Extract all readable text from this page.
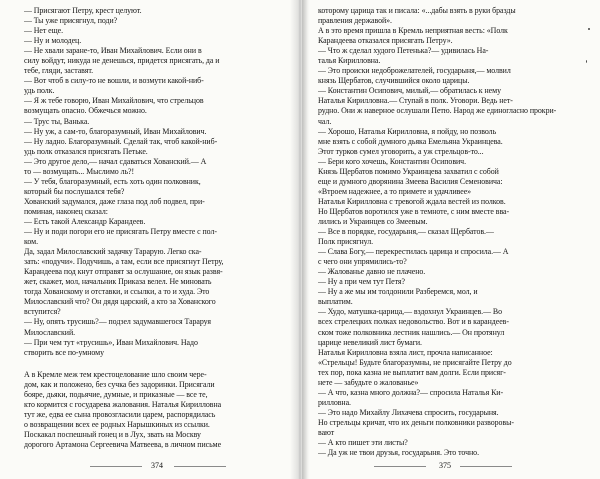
— Присягают Петру, крест целуют.
— Ты уже присягнул, поди?
— Нет еще.
— Ну и молодец.
— Не хвали заране-то, Иван Михайлович. Если они в
силу войдут, никуда не денешься, придется присягать, да и
тебе, гляди, заставят.
— Вот чтоб в силу-то не вошли, и возмути какой-ниб-
удь полк.
— Я ж тебе говорю, Иван Михайлович, что стрельцов
возмущать опасно. Обжечься можно.
— Трус ты, Ванька.
— Ну уж, а сам-то, благоразумный, Иван Михайлович.
— Ну ладно. Благоразумный. Сделай так, чтоб какой-ниб-
удь полк отказался присягать Петьке.
— Это другое дело,— начал сдаваться Хованский.— А
то — возмущать... Мыслимо ль?!
— У тебя, благоразумный, есть хоть один полковник,
который бы послушался тебя?
Хованский задумался, даже глаза под лоб подвел, при-
поминая, наконец сказал:
— Есть такой Александр Карандеев.
— Ну и поди погори его не присягать Петру вместе с пол-
ком.
Да, задал Милославский задачку Тарарую. Легко ска-
зать: «подучи». Подучишь, а там, если все присягнут Петру,
Карандеева под кнут отправят за ослушание, он язык развя-
жет, скажет, мол, начальник Приказа велел. Не миновать
тогда Хованскому и отставки, и ссылки, а то и худа. Это
Милославский что? Он дядя царский, а кто за Хованского
вступится?
— Ну, опять трусишь?— подзел задумавшегося Тараруя
Милославский.
— При чем тут «трусишь», Иван Михайлович. Надо
створить все по-умному
А в Кремле меж тем крестоцелование шло своим чере-
дом, как и положено, без сучка без задоринки. Присягали
бояре, дьяки, подьячие, думные, и приказные — все те,
кто кормится с государева жалования. Наталья Кирилловна
тут же, едва ее сына провозгласили царем, распорядилась
о возвращении всех ее родных Нарышкиных из ссылки.
Поскакал поспешный гонец и в Лух, звать на Москву
дорогого Артамона Сергеевича Матвеева, в личном письме
374
которому царица так и писала: «...дабы взять в руки бразды
правления державой».
А в это время пришла в Кремль неприятная весть: «Полк
Карандеева отказался присягать Петру».
— Что ж сделал худого Петенька?— удивилась На-
талья Кирилловна.
— Это происки недоброжелателей, государыня,— молвил
князь Щербатов, случившийся около царицы.
— Константин Осипович, милый,— обратилась к нему
Наталья Кирилловна.— Ступай в полк. Уговори. Ведь нет-
рудно. Они ж наверное ослушали Петю. Народ же единогласно прокри-
чал.
— Хорошо, Наталья Кирилловна, я пойду, но позволь
мне взять с собой думного дьяка Емельяна Украинцева.
Этот турков сумел уговорить, а уж стрельцов-то...
— Бери кого хочешь, Константин Осипович.
Князь Щербатов помимо Украинцева захватил с собой
еще и думного дворянина Змеева Василия Семеновича:
«Втроем надежнее, а то примете и удачливее»
Наталья Кирилловна с тревогой ждала вестей из полков.
Но Щербатов воротился уже в темноте, с ним вместе вва-
лились и Украинцев со Змеевым.
— Все в порядке, государыня,— сказал Щербатов.—
Полк присягнул.
— Слава Богу,— перекрестилась царица и спросила.— А
с чего они упрямились-то?
— Жалованье давно не плачено.
— Ну а при чем тут Петя?
— Ну а же мы им толдонили Разберемся, мол, и
выплатим.
— Худо, матушка-царица,— вздохнул Украинцев.— Во
всех стрелецких полках недовольство. Вот и в карандеев-
ском тоже полковника лестник нашлись.— Он протянул
царице невеликий лист бумаги.
Наталья Кирилловна взяла лист, прочла написанное:
«Стрельцы! Будьте благоразумны, не присягайте Петру до
тех пор, пока казна не выплатит вам долги. Если присяг-
нете — забудьте о жалованье»
— А что, казна много должна?— спросила Наталья Ки-
рилловна.
— Это надо Михайлу Лихачева спросить, государыня.
Но стрельцы кричат, что их деньги полковники разворовы-
вают
— А кто пишет эти листы?
— Да уж не твои друзья, государыня. Это точно.
375
